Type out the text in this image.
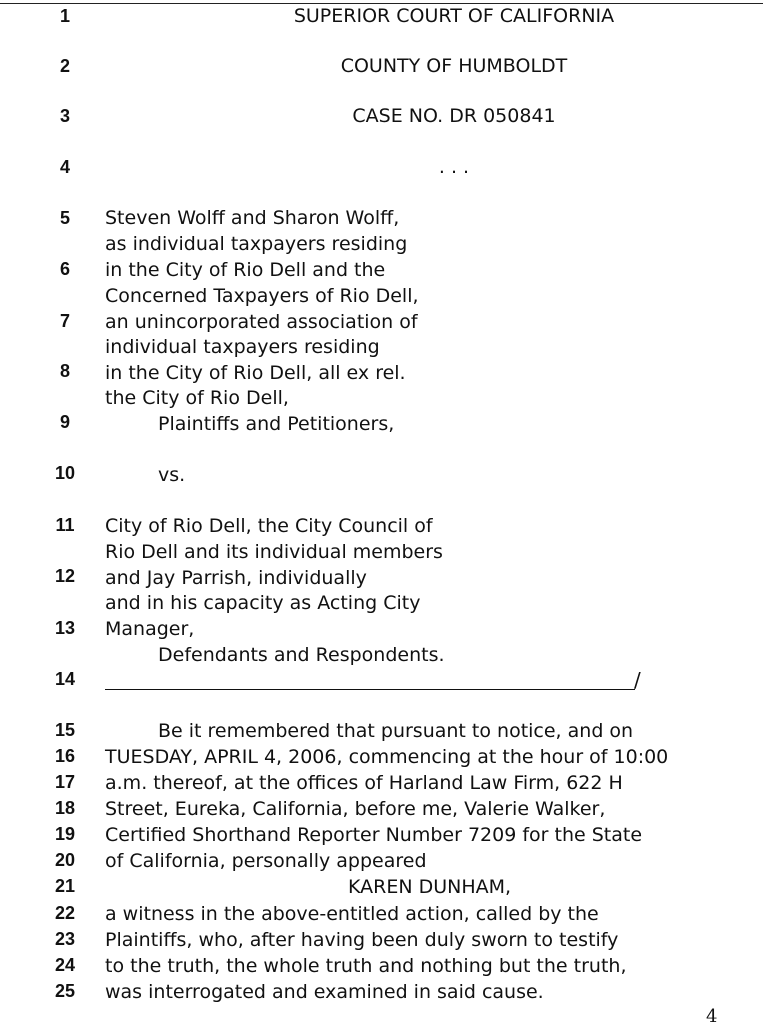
1
2
3
4
5
6
7
8
9
10
11
12
13
14
15
16
17
18
19
20
21
22
23
24
25
SUPERIOR COURT OF CALIFORNIA
COUNTY OF HUMBOLDT
CASE NO. DR 050841
. . .
Steven Wolff and Sharon Wolff,
as individual taxpayers residing
in the City of Rio Dell and the
Concerned Taxpayers of Rio Dell,
an unincorporated association of
individual taxpayers residing
in the City of Rio Dell, all ex rel.
the City of Rio Dell,
Plaintiffs and Petitioners,
vs.
City of Rio Dell, the City Council of
Rio Dell and its individual members
and Jay Parrish, individually
and in his capacity as Acting City
Manager,
Defendants and Respondents.
/
Be it remembered that pursuant to notice, and on
TUESDAY, APRIL 4, 2006, commencing at the hour of 10:00
a.m. thereof, at the offices of Harland Law Firm, 622 H
Street, Eureka, California, before me, Valerie Walker,
Certified Shorthand Reporter Number 7209 for the State
of California, personally appeared
KAREN DUNHAM,
a witness in the above-entitled action, called by the
Plaintiffs, who, after having been duly sworn to testify
to the truth, the whole truth and nothing but the truth,
was interrogated and examined in said cause.
4
